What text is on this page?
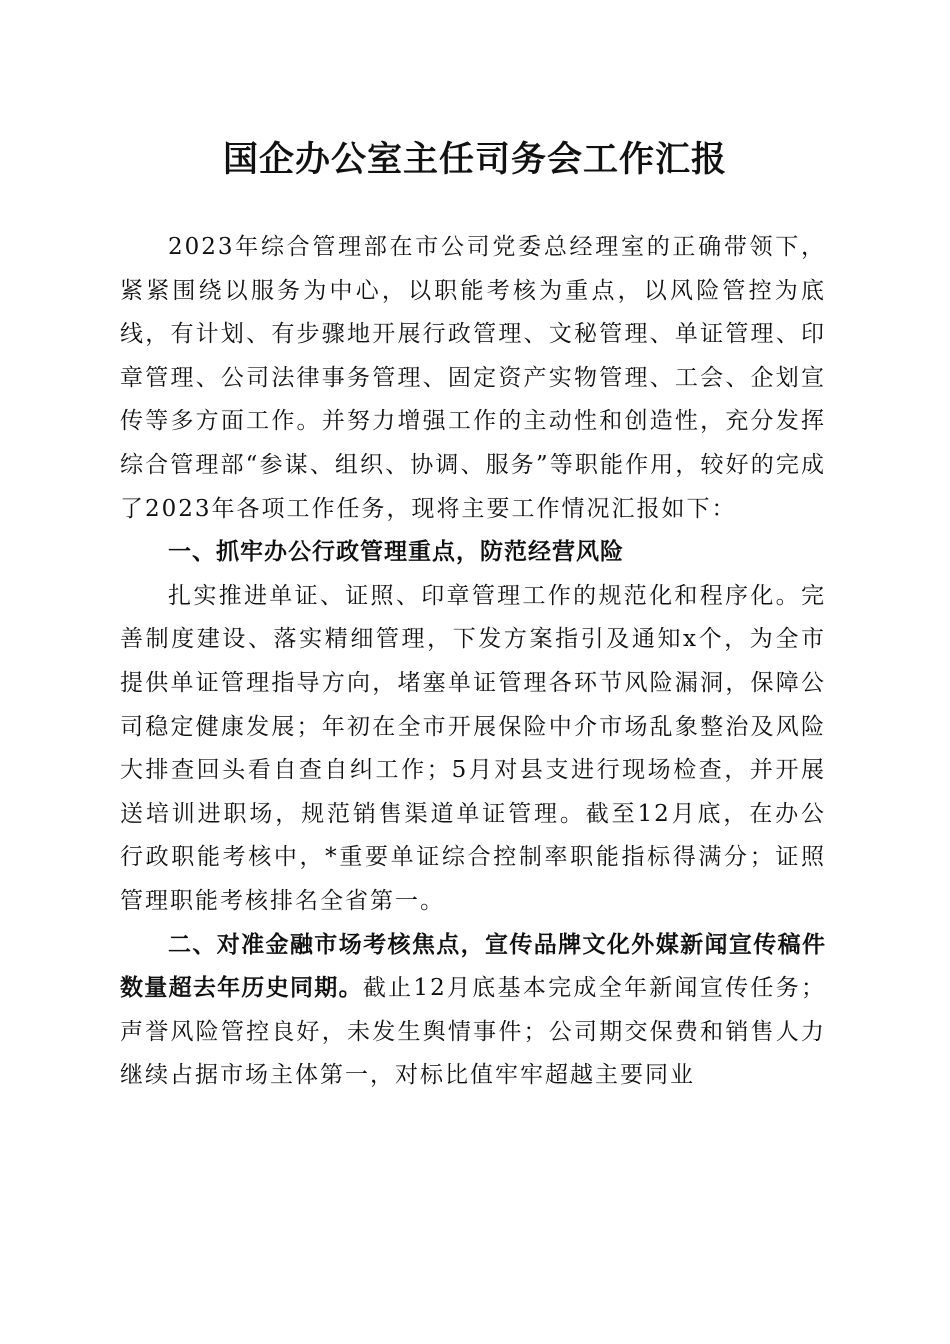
国企办公室主任司务会工作汇报

2023年综合管理部在市公司党委总经理室的正确带领下，紧紧围绕以服务为中心，以职能考核为重点，以风险管控为底线，有计划、有步骤地开展行政管理、文秘管理、单证管理、印章管理、公司法律事务管理、固定资产实物管理、工会、企划宣传等多方面工作。并努力增强工作的主动性和创造性，充分发挥综合管理部“参谋、组织、协调、服务”等职能作用，较好的完成了2023年各项工作任务，现将主要工作情况汇报如下：

一、抓牢办公行政管理重点，防范经营风险

扎实推进单证、证照、印章管理工作的规范化和程序化。完善制度建设、落实精细管理，下发方案指引及通知x个，为全市提供单证管理指导方向，堵塞单证管理各环节风险漏洞，保障公司稳定健康发展；年初在全市开展保险中介市场乱象整治及风险大排查回头看自查自纠工作；5月对县支进行现场检查，并开展送培训进职场，规范销售渠道单证管理。截至12月底，在办公行政职能考核中，*重要单证综合控制率职能指标得满分；证照管理职能考核排名全省第一。

二、对准金融市场考核焦点，宣传品牌文化外媒新闻宣传稿件数量超去年历史同期。截止12月底基本完成全年新闻宣传任务；声誉风险管控良好，未发生舆情事件；公司期交保费和销售人力继续占据市场主体第一，对标比值牢牢超越主要同业
